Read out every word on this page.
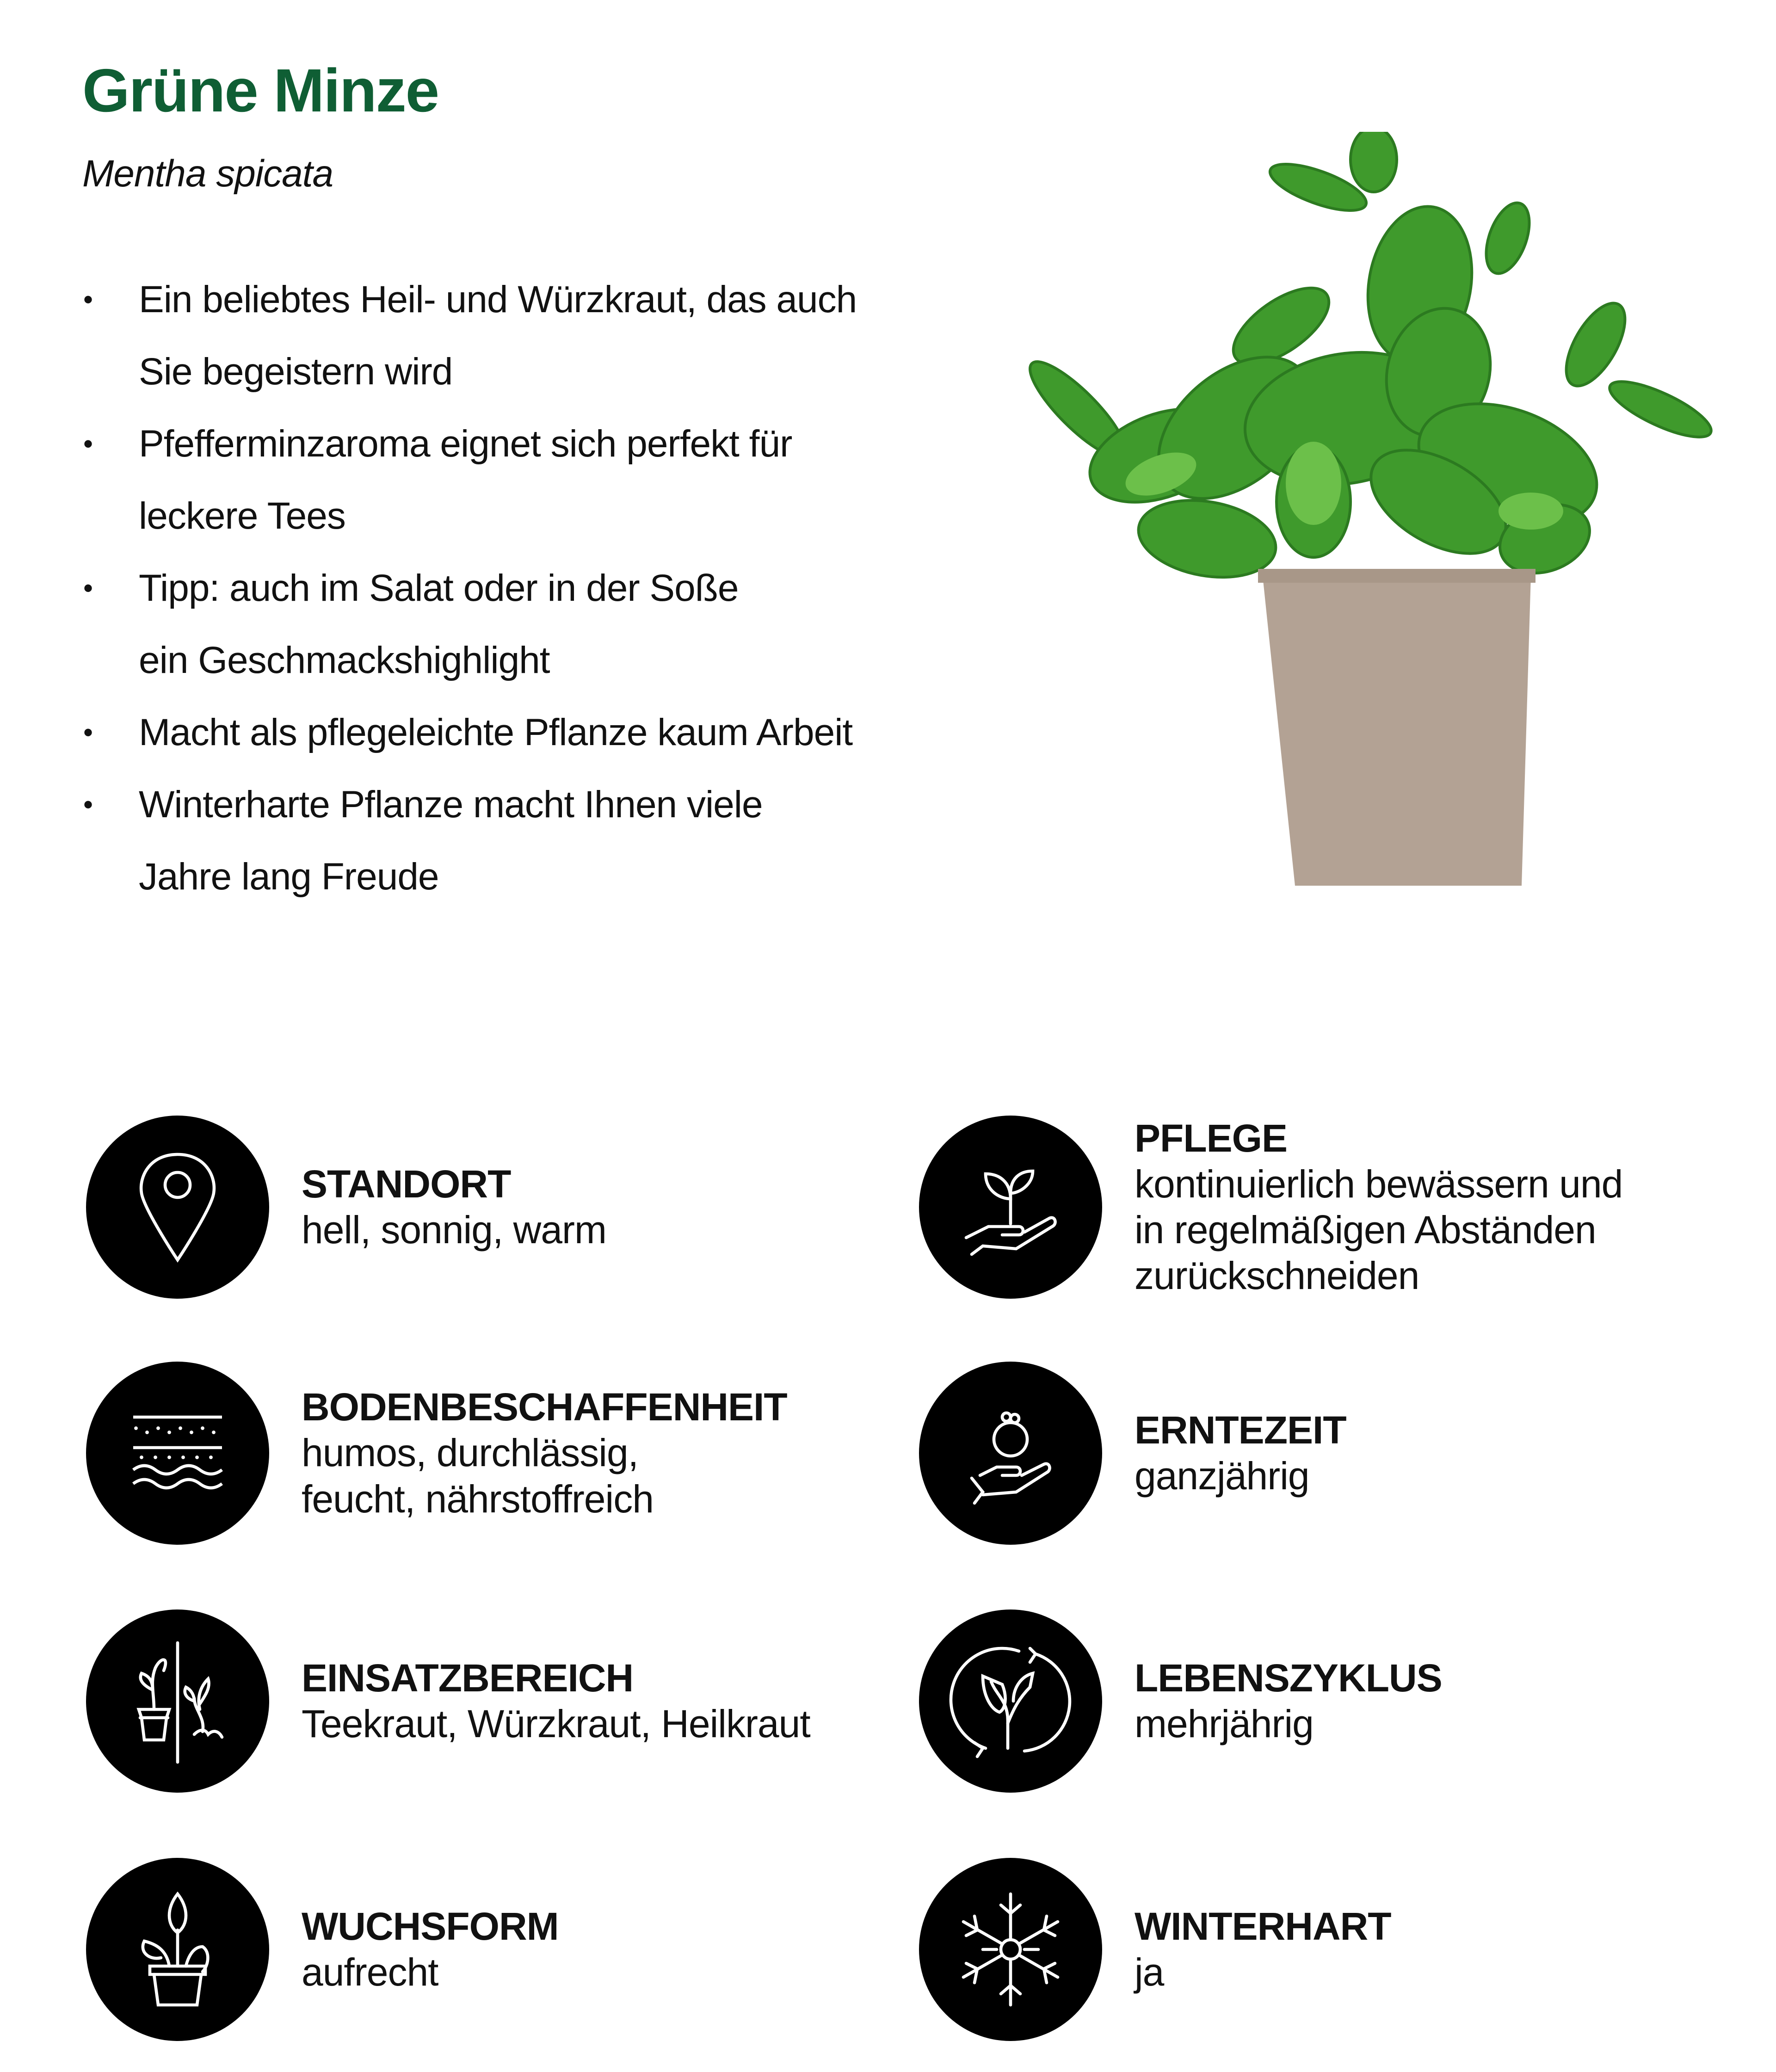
Grüne Minze

Mentha spicata

• Ein beliebtes Heil- und Würzkraut, das auch Sie begeistern wird
• Pfefferminzaroma eignet sich perfekt für leckere Tees
• Tipp: auch im Salat oder in der Soße ein Geschmackshighlight
• Macht als pflegeleichte Pflanze kaum Arbeit
• Winterharte Pflanze macht Ihnen viele Jahre lang Freude
STANDORT
hell, sonnig, warm
PFLEGE
kontinuierlich bewässern und in regelmäßigen Abständen zurückschneiden
BODENBESCHAFFENHEIT
humos, durchlässig, feucht, nährstoffreich
ERNTEZEIT
ganzjährig
EINSATZBEREICH
Teekraut, Würzkraut, Heilkraut
LEBENSZYKLUS
mehrjährig
WUCHSFORM
aufrecht
WINTERHART
ja
